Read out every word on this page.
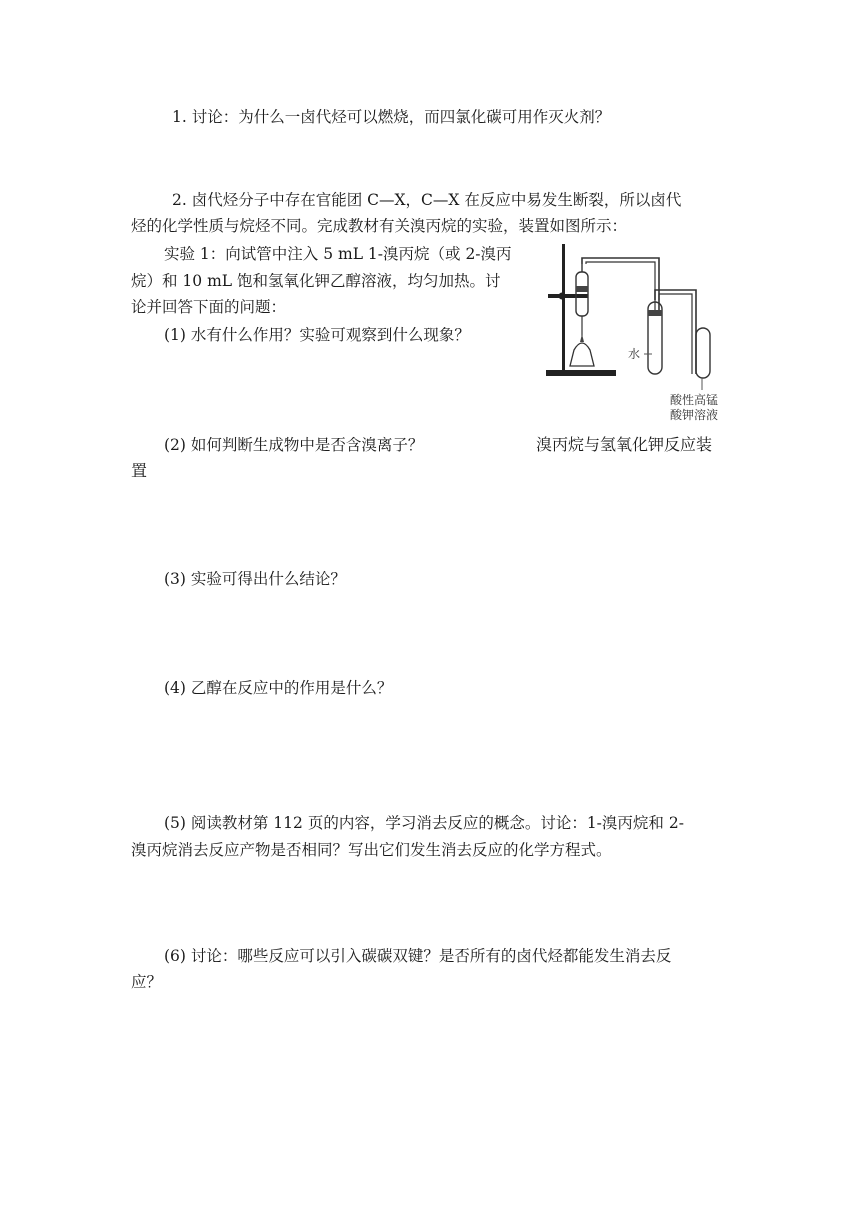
1. 讨论：为什么一卤代烃可以燃烧，而四氯化碳可用作灭火剂？
2. 卤代烃分子中存在官能团 C—X，C—X 在反应中易发生断裂，所以卤代
烃的化学性质与烷烃不同。完成教材有关溴丙烷的实验，装置如图所示：
实验 1：向试管中注入 5 mL 1-溴丙烷（或 2-溴丙
烷）和 10 mL 饱和氢氧化钾乙醇溶液，均匀加热。讨
论并回答下面的问题：
(1) 水有什么作用？实验可观察到什么现象？
水
酸性高锰
酸钾溶液
(2) 如何判断生成物中是否含溴离子？	溴丙烷与氢氧化钾反应装
置
(3) 实验可得出什么结论？
(4) 乙醇在反应中的作用是什么？
(5) 阅读教材第 112 页的内容，学习消去反应的概念。讨论：1-溴丙烷和 2-
溴丙烷消去反应产物是否相同？写出它们发生消去反应的化学方程式。
(6) 讨论：哪些反应可以引入碳碳双键？是否所有的卤代烃都能发生消去反
应？
